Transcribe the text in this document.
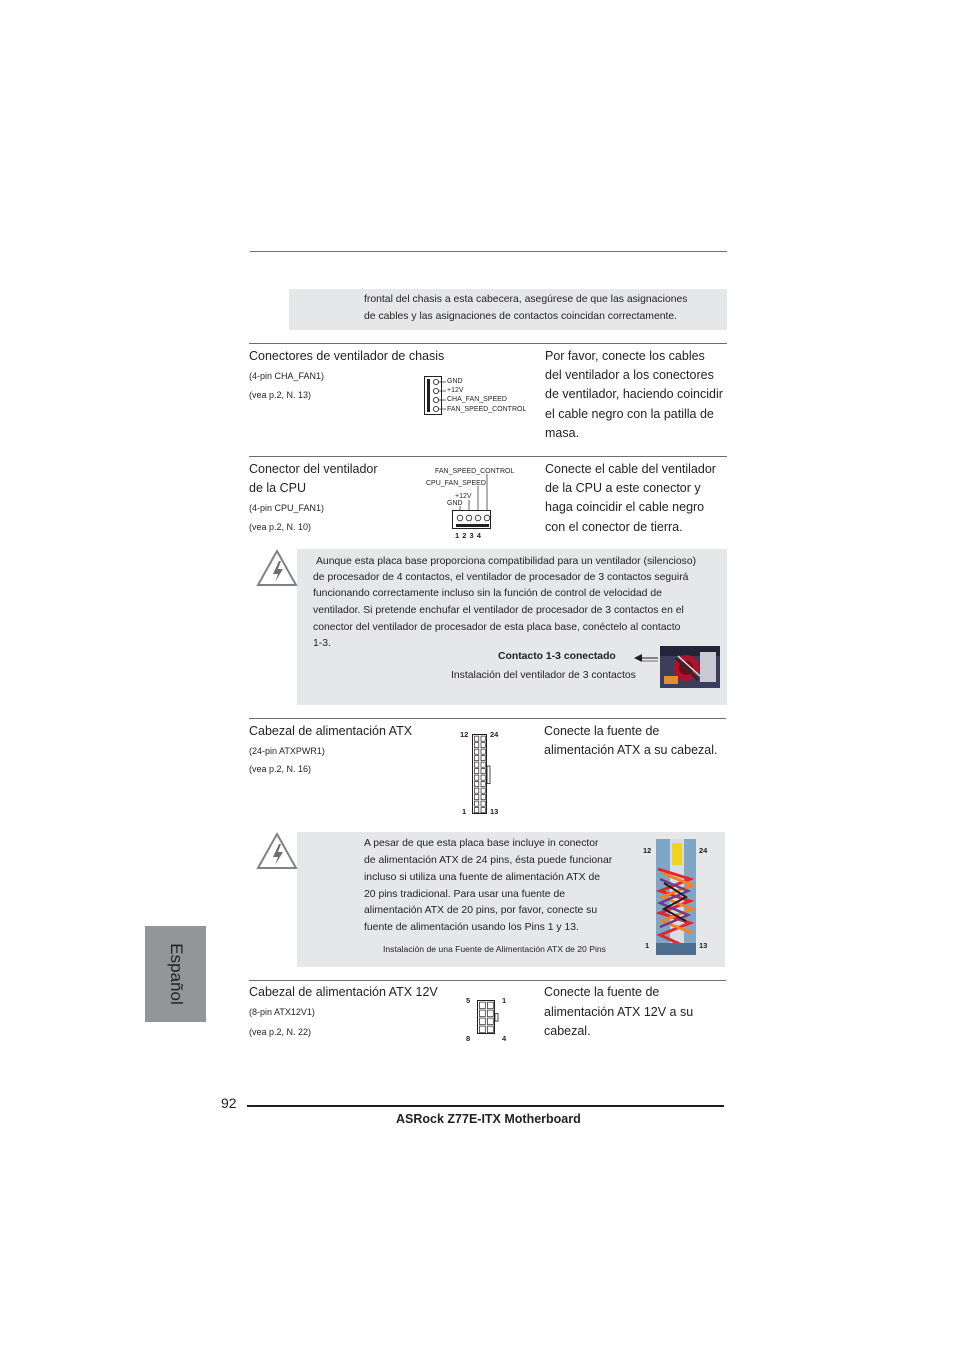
frontal del chasis a esta cabecera, asegúrese de que las asignaciones
de cables y las asignaciones de contactos coincidan correctamente.
Conectores de ventilador de chasis
(4-pin CHA_FAN1)
(vea p.2, N. 13)
GND
+12V
CHA_FAN_SPEED
FAN_SPEED_CONTROL
Por favor, conecte los cables
del ventilador a los conectores
de ventilador, haciendo coincidir
el cable negro con la patilla de
masa.
Conector del ventilador
de la CPU
(4-pin CPU_FAN1)
(vea p.2, N. 10)
FAN_SPEED_CONTROL
CPU_FAN_SPEED
+12V
GND
1 2 3 4
Conecte el cable del ventilador
de la CPU a este conector y
haga coincidir el cable negro
con el conector de tierra.
Aunque esta placa base proporciona compatibilidad para un ventilador (silencioso)
de procesador de 4 contactos, el ventilador de procesador de 3 contactos seguirá
funcionando correctamente incluso sin la función de control de velocidad de
ventilador. Si pretende enchufar el ventilador de procesador de 3 contactos en el
conector del ventilador de procesador de esta placa base, conéctelo al contacto
1-3.
Contacto 1-3 conectado
Instalación del ventilador de 3 contactos
Cabezal de alimentación ATX
(24-pin ATXPWR1)
(vea p.2, N. 16)
12	24
1	13
Conecte la fuente de
alimentación ATX a su cabezal.
A pesar de que esta placa base incluye in conector
de alimentación ATX de 24 pins, ésta puede funcionar
incluso si utiliza una fuente de alimentación ATX de
20 pins tradicional. Para usar una fuente de
alimentación ATX de 20 pins, por favor, conecte su
fuente de alimentación usando los Pins 1 y 13.
Instalación de una Fuente de Alimentación ATX de 20 Pins
12	24
1	13
Cabezal de alimentación ATX 12V
(8-pin ATX12V1)
(vea p.2, N. 22)
5	1
8	4
Conecte la fuente de
alimentación ATX 12V a su
cabezal.
Español
92
ASRock Z77E-ITX Motherboard
